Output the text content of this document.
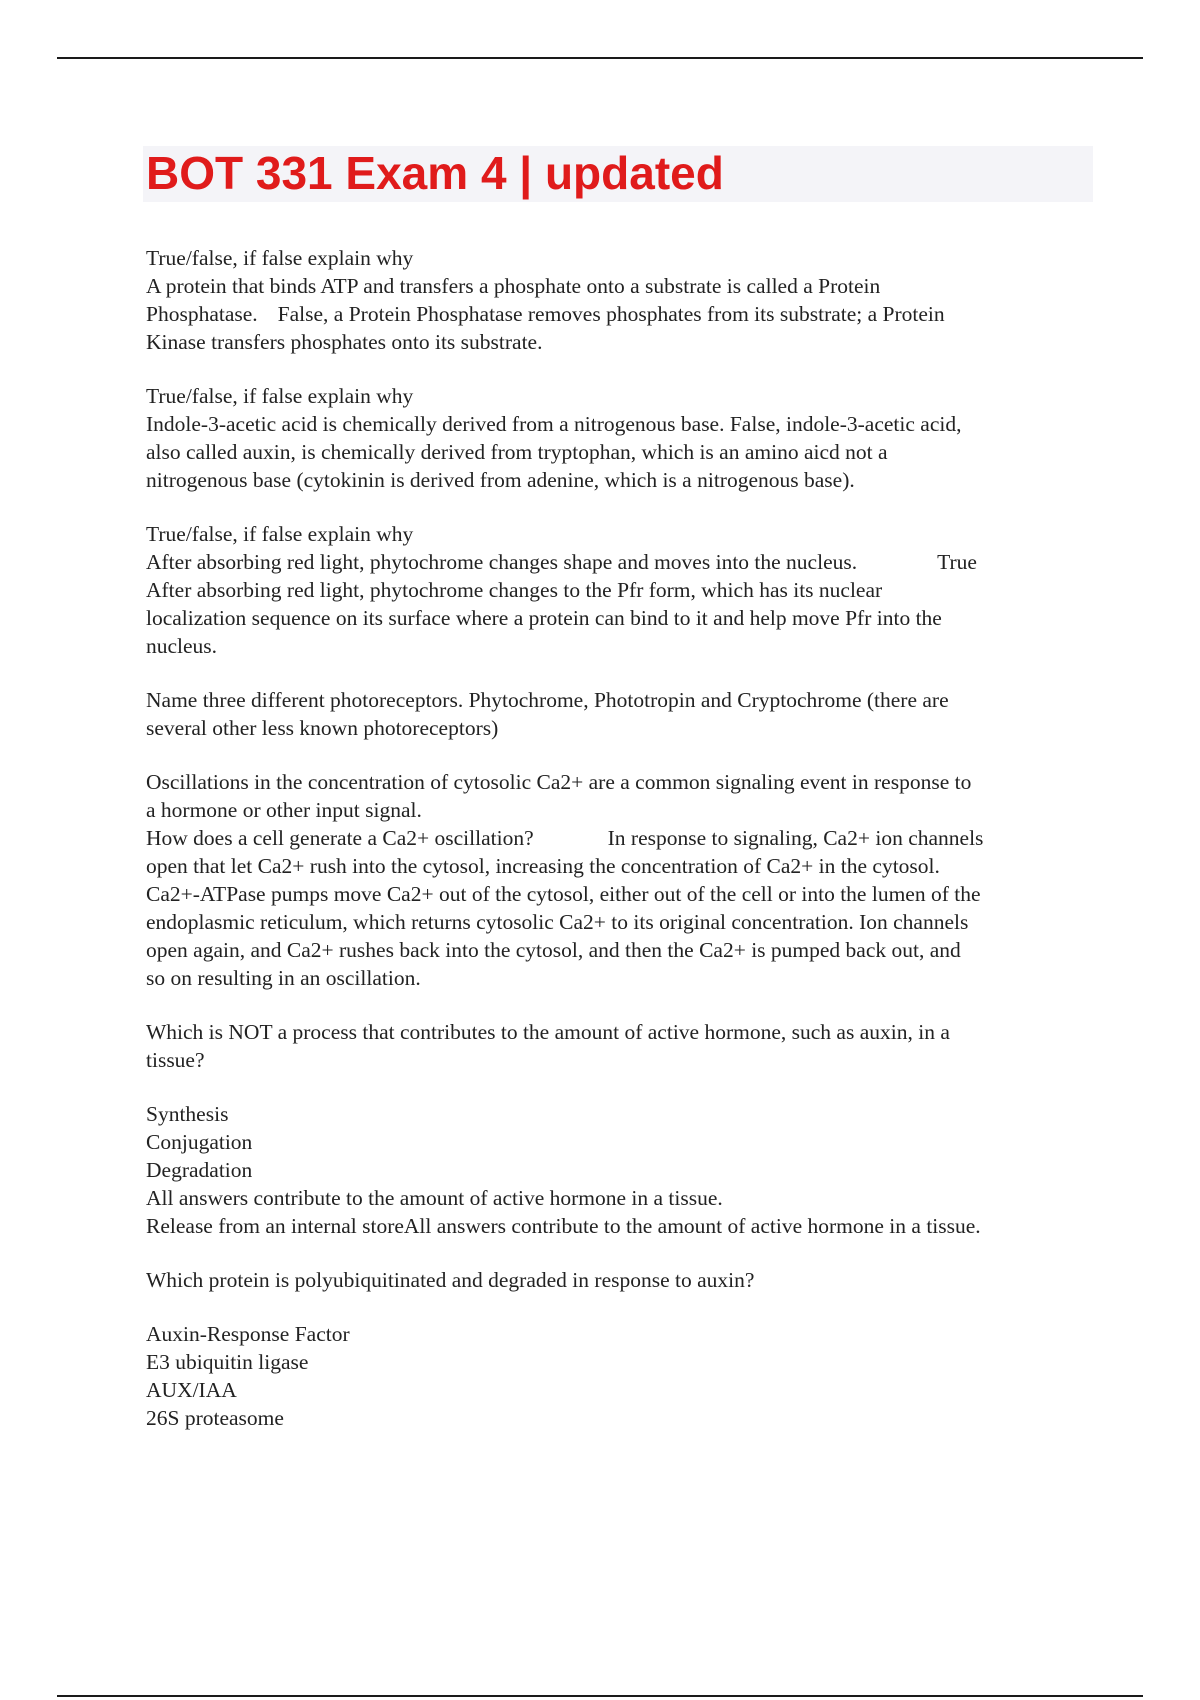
BOT 331 Exam 4 | updated
True/false, if false explain why
A protein that binds ATP and transfers a phosphate onto a substrate is called a Protein
Phosphatase. False, a Protein Phosphatase removes phosphates from its substrate; a Protein
Kinase transfers phosphates onto its substrate.
True/false, if false explain why
Indole-3-acetic acid is chemically derived from a nitrogenous base. False, indole-3-acetic acid,
also called auxin, is chemically derived from tryptophan, which is an amino aicd not a
nitrogenous base (cytokinin is derived from adenine, which is a nitrogenous base).
True/false, if false explain why
After absorbing red light, phytochrome changes shape and moves into the nucleus.	True
After absorbing red light, phytochrome changes to the Pfr form, which has its nuclear
localization sequence on its surface where a protein can bind to it and help move Pfr into the
nucleus.
Name three different photoreceptors. Phytochrome, Phototropin and Cryptochrome (there are
several other less known photoreceptors)
Oscillations in the concentration of cytosolic Ca2+ are a common signaling event in response to
a hormone or other input signal.
How does a cell generate a Ca2+ oscillation?	In response to signaling, Ca2+ ion channels
open that let Ca2+ rush into the cytosol, increasing the concentration of Ca2+ in the cytosol.
Ca2+-ATPase pumps move Ca2+ out of the cytosol, either out of the cell or into the lumen of the
endoplasmic reticulum, which returns cytosolic Ca2+ to its original concentration. Ion channels
open again, and Ca2+ rushes back into the cytosol, and then the Ca2+ is pumped back out, and
so on resulting in an oscillation.
Which is NOT a process that contributes to the amount of active hormone, such as auxin, in a
tissue?
Synthesis
Conjugation
Degradation
All answers contribute to the amount of active hormone in a tissue.
Release from an internal storeAll answers contribute to the amount of active hormone in a tissue.
Which protein is polyubiquitinated and degraded in response to auxin?
Auxin-Response Factor
E3 ubiquitin ligase
AUX/IAA
26S proteasome
